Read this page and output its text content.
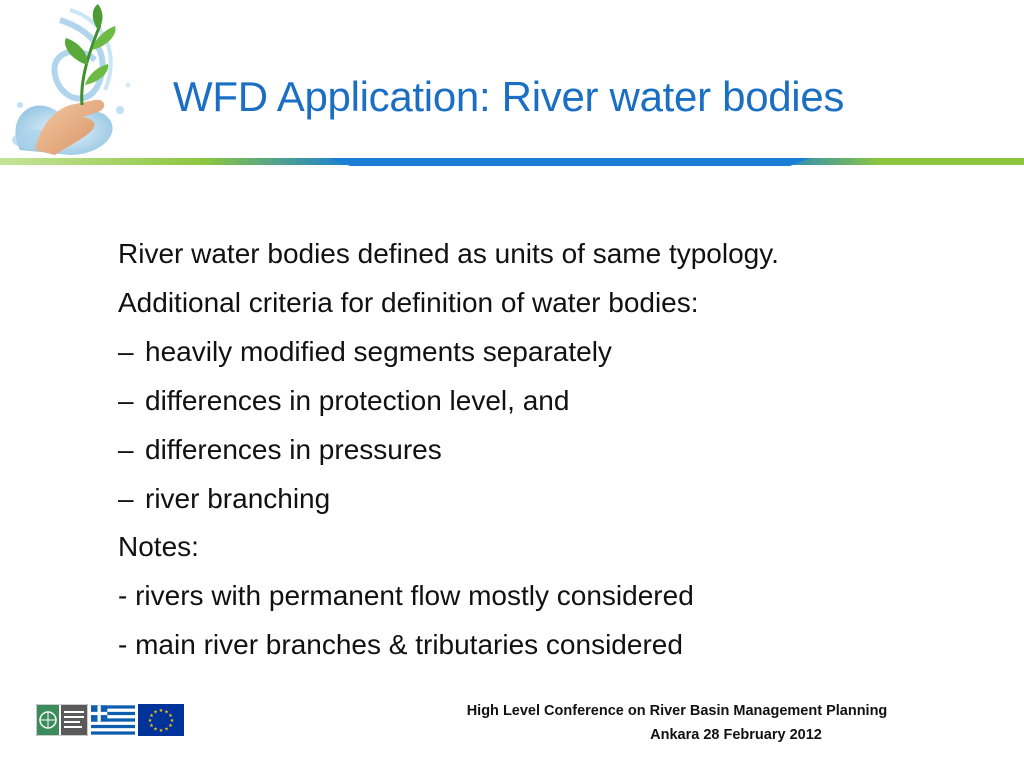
WFD Application: River water bodies
River water bodies defined as units of same typology.
Additional criteria for definition of water bodies:
– heavily modified segments separately
– differences in protection level, and
– differences in pressures
– river branching
Notes:
- rivers with permanent flow mostly considered
- main river branches & tributaries considered
★ ★
★
★
★
★
★
★
★
★
★
★	High Level Conference on River Basin Management Planning
Ankara 28 February 2012
